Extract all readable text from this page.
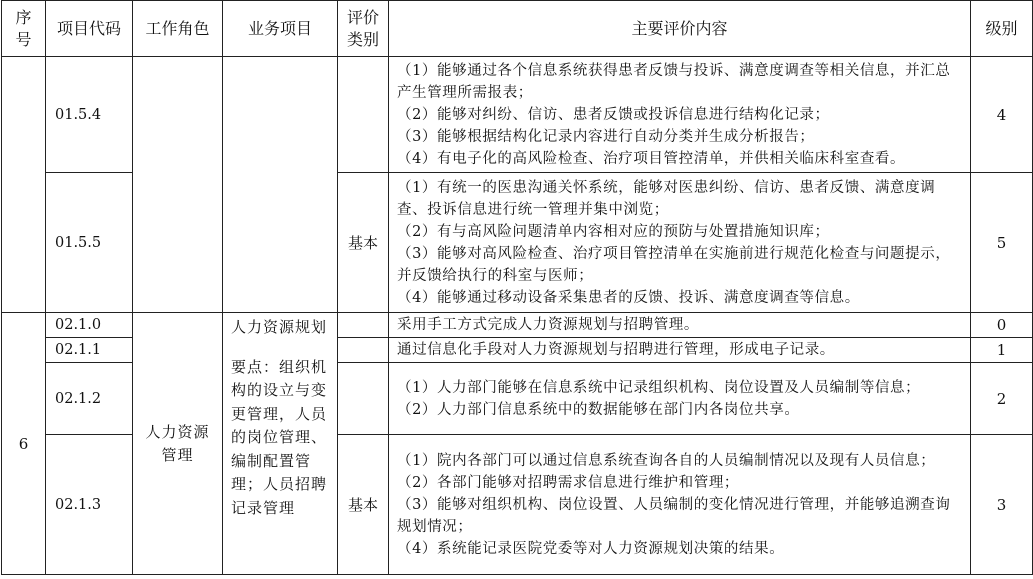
序号	项目代码	工作角色	业务项目	评价类别	主要评价内容	级别
	01.5.4				（1）能够通过各个信息系统获得患者反馈与投诉、满意度调查等相关信息，并汇总产生管理所需报表；
（2）能够对纠纷、信访、患者反馈或投诉信息进行结构化记录；
（3）能够根据结构化记录内容进行自动分类并生成分析报告；
（4）有电子化的高风险检查、治疗项目管控清单，并供相关临床科室查看。	4
	01.5.5			基本	（1）有统一的医患沟通关怀系统，能够对医患纠纷、信访、患者反馈、满意度调查、投诉信息进行统一管理并集中浏览；
（2）有与高风险问题清单内容相对应的预防与处置措施知识库；
（3）能够对高风险检查、治疗项目管控清单在实施前进行规范化检查与问题提示，并反馈给执行的科室与医师；
（4）能够通过移动设备采集患者的反馈、投诉、满意度调查等信息。	5
6	02.1.0	人力资源管理	人力资源规划
要点：组织机构的设立与变更管理，人员的岗位管理、编制配置管理；人员招聘记录管理		采用手工方式完成人力资源规划与招聘管理。	0
	02.1.1				通过信息化手段对人力资源规划与招聘进行管理，形成电子记录。	1
	02.1.2				（1）人力部门能够在信息系统中记录组织机构、岗位设置及人员编制等信息；
（2）人力部门信息系统中的数据能够在部门内各岗位共享。	2
	02.1.3			基本	（1）院内各部门可以通过信息系统查询各自的人员编制情况以及现有人员信息；
（2）各部门能够对招聘需求信息进行维护和管理；
（3）能够对组织机构、岗位设置、人员编制的变化情况进行管理，并能够追溯查询规划情况；
（4）系统能记录医院党委等对人力资源规划决策的结果。	3
